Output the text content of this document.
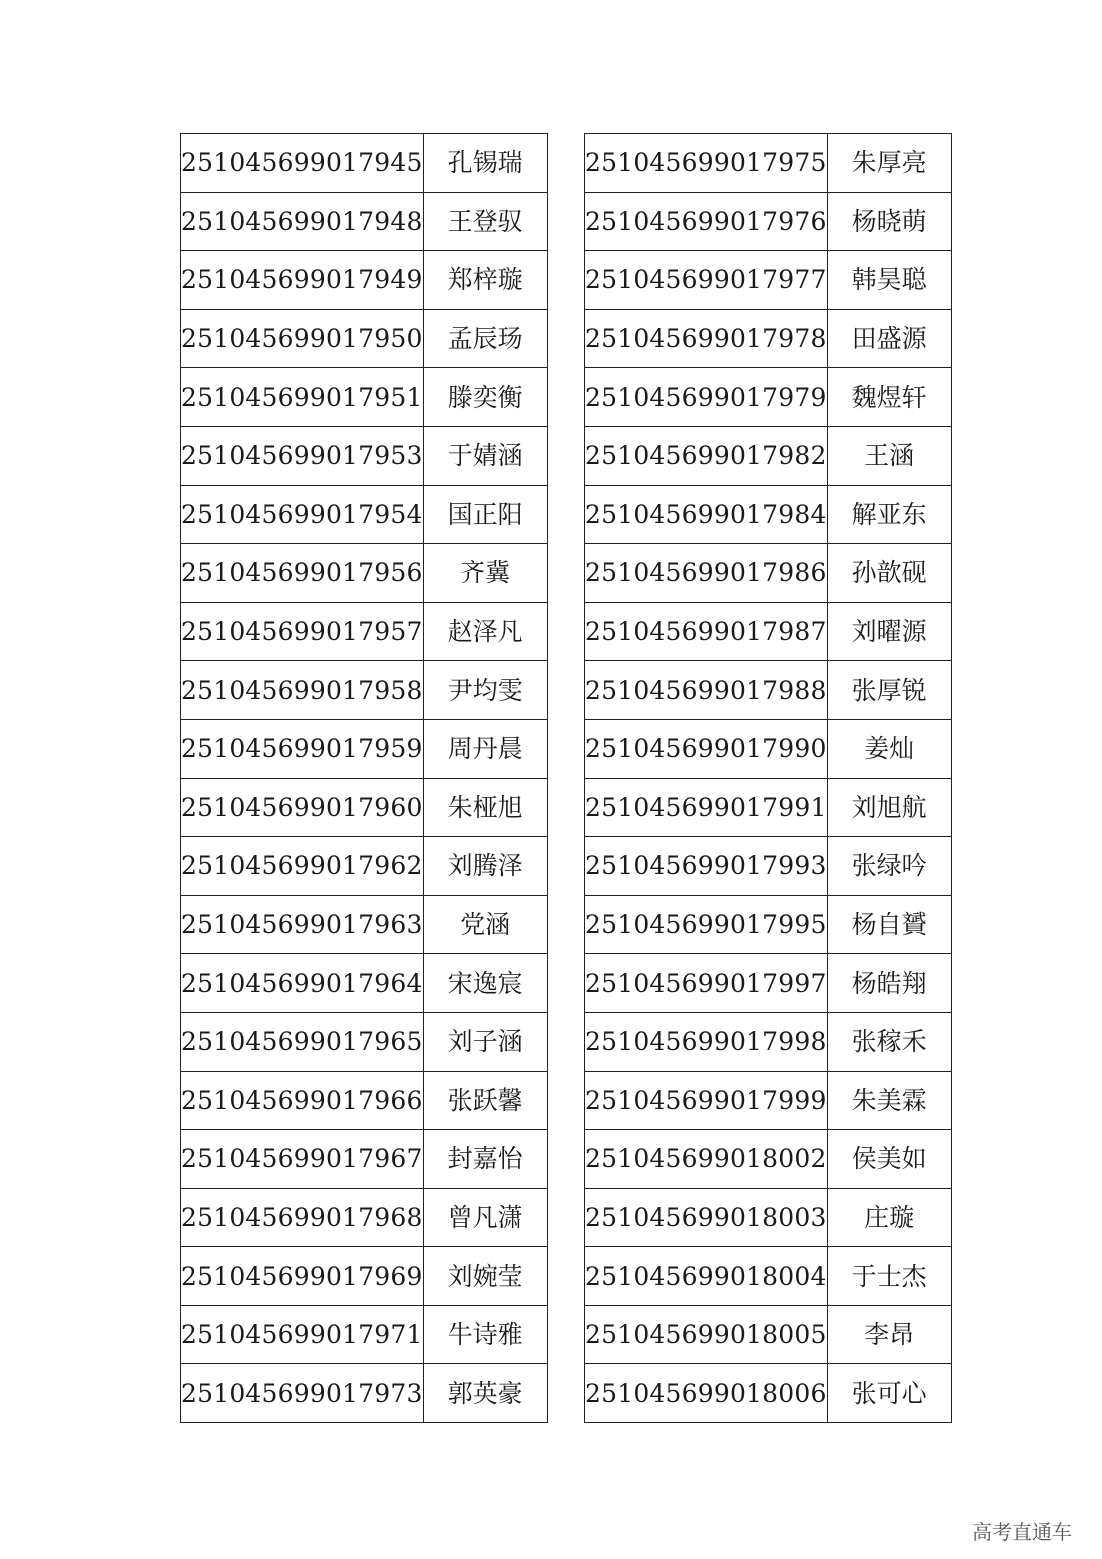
251045699017945	孔锡瑞
251045699017948	王登驭
251045699017949	郑梓璇
251045699017950	孟辰玚
251045699017951	滕奕衡
251045699017953	于婧涵
251045699017954	国正阳
251045699017956	齐冀
251045699017957	赵泽凡
251045699017958	尹均雯
251045699017959	周丹晨
251045699017960	朱桠旭
251045699017962	刘腾泽
251045699017963	党涵
251045699017964	宋逸宸
251045699017965	刘子涵
251045699017966	张跃馨
251045699017967	封嘉怡
251045699017968	曾凡潇
251045699017969	刘婉莹
251045699017971	牛诗雅
251045699017973	郭英豪
251045699017975	朱厚亮
251045699017976	杨晓萌
251045699017977	韩昊聪
251045699017978	田盛源
251045699017979	魏煜轩
251045699017982	王涵
251045699017984	解亚东
251045699017986	孙歆砚
251045699017987	刘曜源
251045699017988	张厚锐
251045699017990	姜灿
251045699017991	刘旭航
251045699017993	张绿吟
251045699017995	杨自贇
251045699017997	杨皓翔
251045699017998	张稼禾
251045699017999	朱美霖
251045699018002	侯美如
251045699018003	庄璇
251045699018004	于士杰
251045699018005	李昂
251045699018006	张可心
高考直通车
